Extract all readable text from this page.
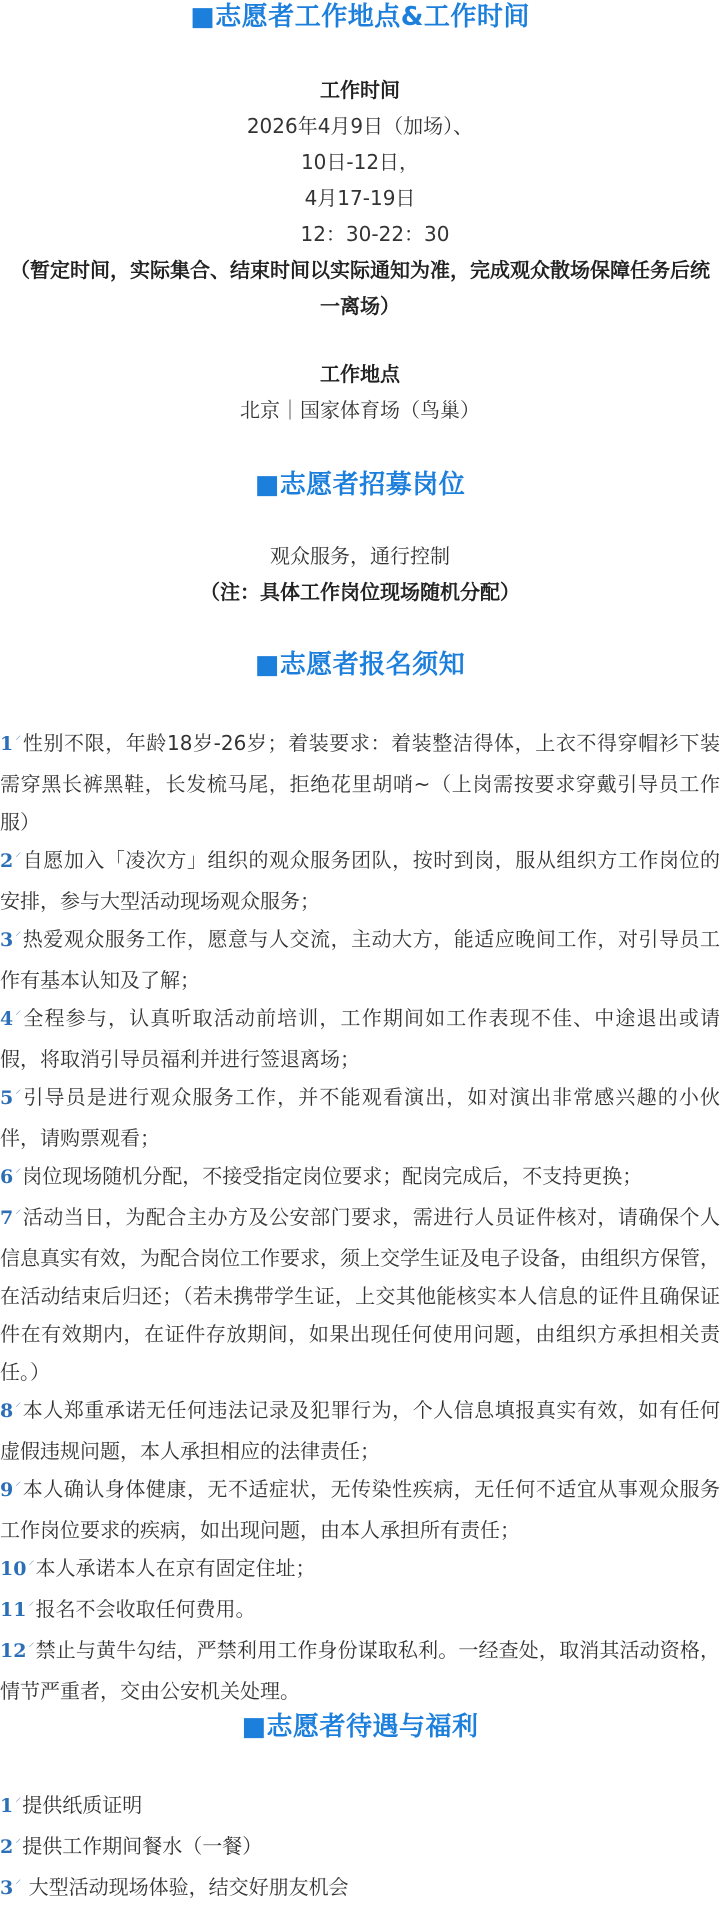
■志愿者工作地点&工作时间
工作时间
2026年4月9日（加场）、
10日-12日，
4月17-19日
12：30-22：30
（暂定时间，实际集合、结束时间以实际通知为准，完成观众散场保障任务后统一离场）
工作地点
北京｜国家体育场（鸟巢）
■志愿者招募岗位
观众服务，通行控制
（注：具体工作岗位现场随机分配）
■志愿者报名须知
1 ⸍性别不限，年龄18岁-26岁；着装要求：着装整洁得体，上衣不得穿帽衫下装需穿黑长裤黑鞋，长发梳马尾，拒绝花里胡哨~（上岗需按要求穿戴引导员工作服）
2 ⸍自愿加入「凌次方」组织的观众服务团队，按时到岗，服从组织方工作岗位的安排，参与大型活动现场观众服务；
3 ⸍热爱观众服务工作，愿意与人交流，主动大方，能适应晚间工作，对引导员工作有基本认知及了解；
4 ⸍全程参与，认真听取活动前培训，工作期间如工作表现不佳、中途退出或请假，将取消引导员福利并进行签退离场；
5 ⸍引导员是进行观众服务工作，并不能观看演出，如对演出非常感兴趣的小伙伴，请购票观看；
6 ⸍岗位现场随机分配，不接受指定岗位要求；配岗完成后，不支持更换；
7 ⸍活动当日，为配合主办方及公安部门要求，需进行人员证件核对，请确保个人信息真实有效，为配合岗位工作要求，须上交学生证及电子设备，由组织方保管，在活动结束后归还；（若未携带学生证，上交其他能核实本人信息的证件且确保证件在有效期内，在证件存放期间，如果出现任何使用问题，由组织方承担相关责任。）
8 ⸍本人郑重承诺无任何违法记录及犯罪行为，个人信息填报真实有效，如有任何虚假违规问题，本人承担相应的法律责任；
9 ⸍本人确认身体健康，无不适症状，无传染性疾病，无任何不适宜从事观众服务工作岗位要求的疾病，如出现问题，由本人承担所有责任；
10 ⸍本人承诺本人在京有固定住址；
11 ⸍报名不会收取任何费用。
12 ⸍禁止与黄牛勾结，严禁利用工作身份谋取私利。一经查处，取消其活动资格，情节严重者，交由公安机关处理。
■志愿者待遇与福利
1 ⸍提供纸质证明
2 ⸍提供工作期间餐水（一餐）
3 ⸍ 大型活动现场体验，结交好朋友机会
